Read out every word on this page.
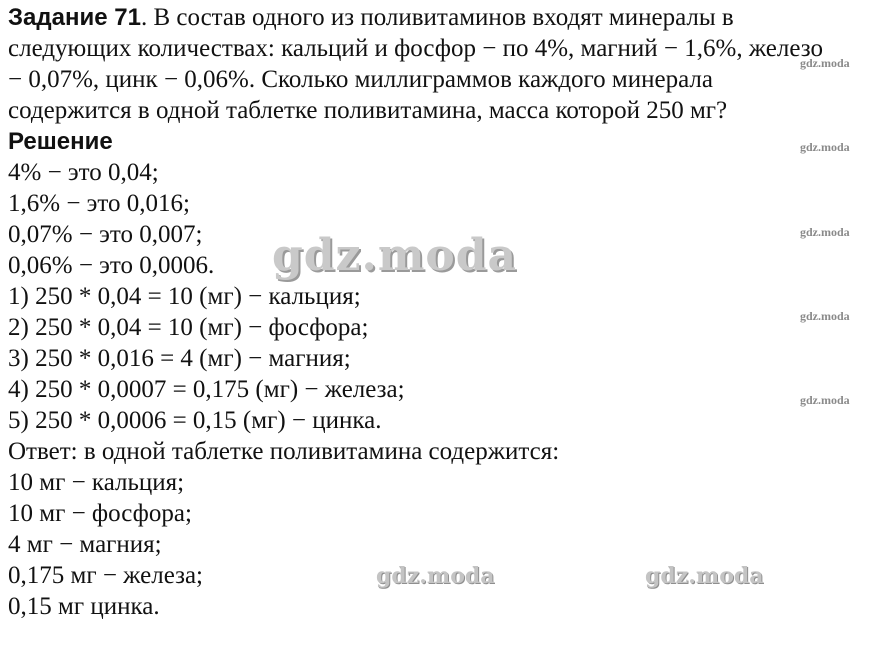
Задание 71. В состав одного из поливитаминов входят минералы в
следующих количествах: кальций и фосфор − по 4%, магний − 1,6%, железо
− 0,07%, цинк − 0,06%. Сколько миллиграммов каждого минерала
содержится в одной таблетке поливитамина, масса которой 250 мг?
Решение
4% − это 0,04;
1,6% − это 0,016;
0,07% − это 0,007;
0,06% − это 0,0006.
1) 250 * 0,04 = 10 (мг) − кальция;
2) 250 * 0,04 = 10 (мг) − фосфора;
3) 250 * 0,016 = 4 (мг) − магния;
4) 250 * 0,0007 = 0,175 (мг) − железа;
5) 250 * 0,0006 = 0,15 (мг) − цинка.
Ответ: в одной таблетке поливитамина содержится:
10 мг − кальция;
10 мг − фосфора;
4 мг − магния;
0,175 мг − железа;
0,15 мг цинка.
gdz.moda
gdz.moda
gdz.moda
gdz.moda
gdz.moda
gdz.moda
gdz.moda	gdz.moda
